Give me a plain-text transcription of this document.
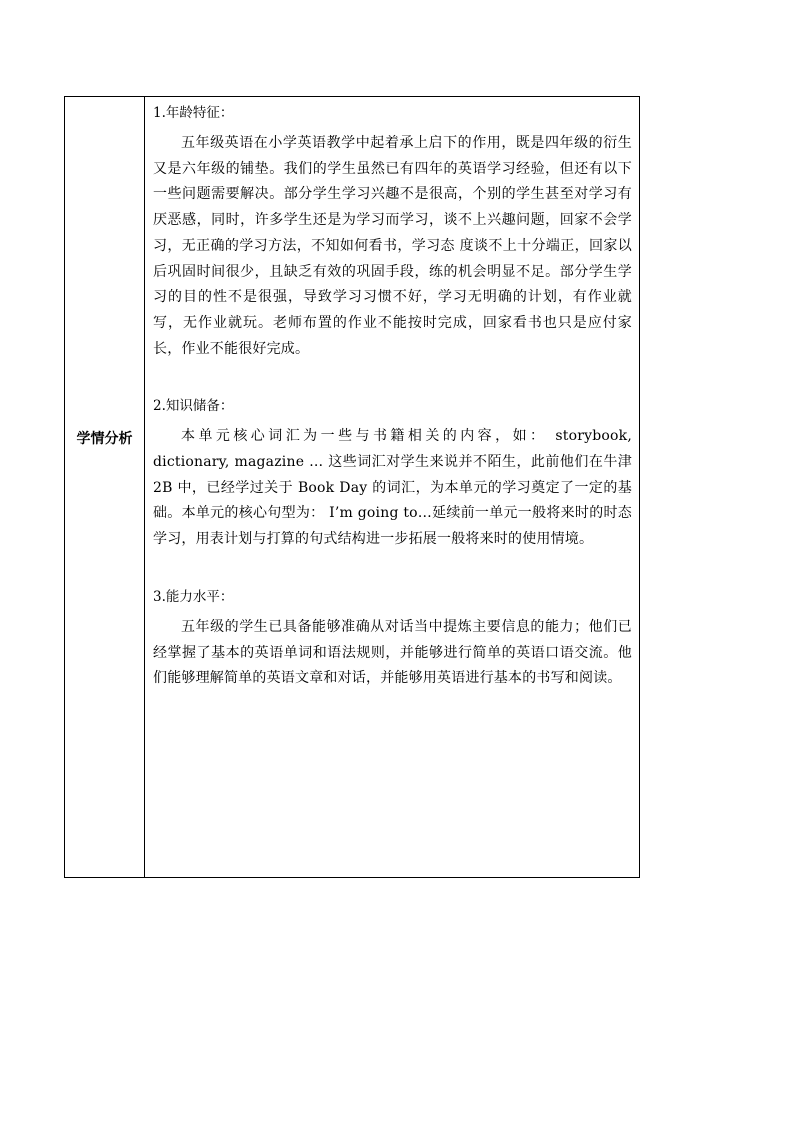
学情分析

1.年龄特征：

五年级英语在小学英语教学中起着承上启下的作用，既是四年级的衍生又是六年级的铺垫。我们的学生虽然已有四年的英语学习经验，但还有以下一些问题需要解决。部分学生学习兴趣不是很高，个别的学生甚至对学习有厌恶感，同时，许多学生还是为学习而学习，谈不上兴趣问题，回家不会学习，无正确的学习方法，不知如何看书，学习态 度谈不上十分端正，回家以后巩固时间很少，且缺乏有效的巩固手段，练的机会明显不足。部分学生学习的目的性不是很强，导致学习习惯不好，学习无明确的计划，有作业就写，无作业就玩。老师布置的作业不能按时完成，回家看书也只是应付家长，作业不能很好完成。

2.知识储备：

本单元核心词汇为一些与书籍相关的内容，如： storybook, dictionary, magazine … 这些词汇对学生来说并不陌生，此前他们在牛津 2B 中，已经学过关于 Book Day 的词汇，为本单元的学习奠定了一定的基础。本单元的核心句型为： I’m going to…延续前一单元一般将来时的时态学习，用表计划与打算的句式结构进一步拓展一般将来时的使用情境。

3.能力水平：

五年级的学生已具备能够准确从对话当中提炼主要信息的能力；他们已经掌握了基本的英语单词和语法规则，并能够进行简单的英语口语交流。他们能够理解简单的英语文章和对话，并能够用英语进行基本的书写和阅读。
